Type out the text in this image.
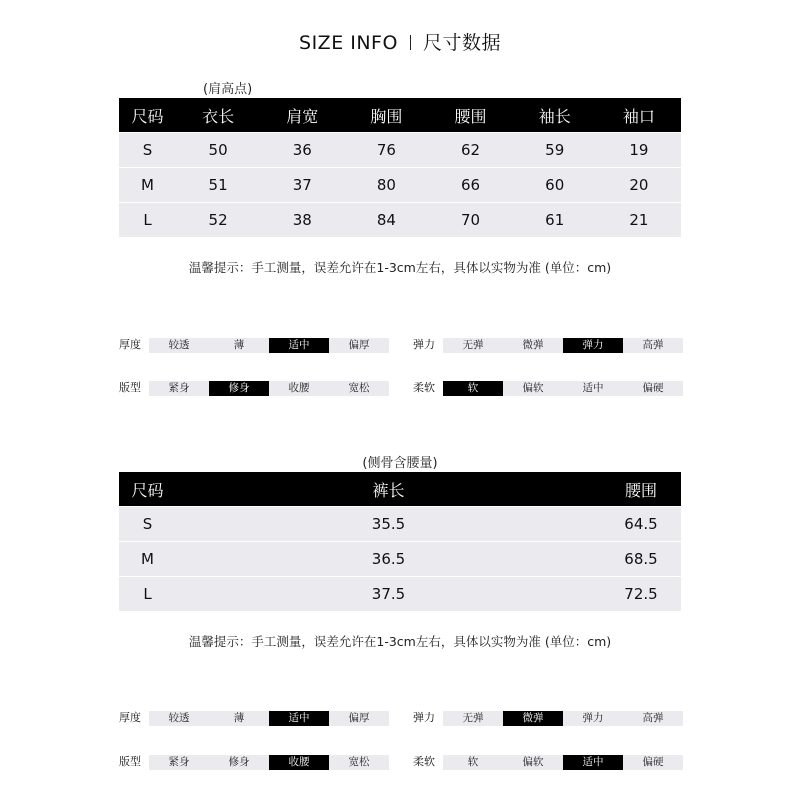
SIZE INFO 尺寸数据
(肩高点)
尺码	衣长	肩宽	胸围	腰围	袖长	袖口
S	50	36	76	62	59	19
M	51	37	80	66	60	20
L	52	38	84	70	61	21
温馨提示：手工测量，误差允许在1-3cm左右，具体以实物为准 (单位：cm)
厚度	较透	薄	适中	偏厚	弹力	无弹	微弹	弹力	高弹
版型	紧身	修身	收腰	宽松	柔软	软	偏软	适中	偏硬
(侧骨含腰量)
尺码	裤长	腰围
S	35.5	64.5
M	36.5	68.5
L	37.5	72.5
温馨提示：手工测量，误差允许在1-3cm左右，具体以实物为准 (单位：cm)
厚度	较透	薄	适中	偏厚	弹力	无弹	微弹	弹力	高弹
版型	紧身	修身	收腰	宽松	柔软	软	偏软	适中	偏硬
